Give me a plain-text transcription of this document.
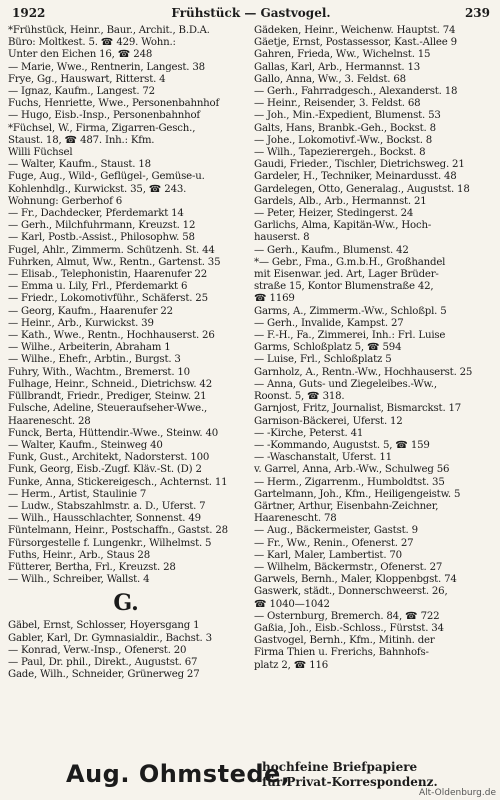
1922	Frühstück — Gastvogel.	239
*Frühstück, Heinr., Baur., Archit., B.D.A.
Büro: Moltkest. 5. ☎ 429. Wohn.:
Unter den Eichen 16, ☎ 248
— Marie, Wwe., Rentnerin, Langest. 38
Frye, Gg., Hauswart, Ritterst. 4
— Ignaz, Kaufm., Langest. 72
Fuchs, Henriette, Wwe., Personenbahnhof
— Hugo, Eisb.-Insp., Personenbahnhof
*Füchsel, W., Firma, Zigarren-Gesch.,
Staust. 18, ☎ 487. Inh.: Kfm.
Willi Füchsel
— Walter, Kaufm., Staust. 18
Fuge, Aug., Wild-, Geflügel-, Gemüse-u.
Kohlenhdlg., Kurwickst. 35, ☎ 243.
Wohnung: Gerberhof 6
— Fr., Dachdecker, Pferdemarkt 14
— Gerh., Milchfuhrmann, Kreuzst. 12
— Karl, Postb.-Assist., Philosophw. 58
Fugel, Ahlr., Zimmerm. Schützenh. St. 44
Fuhrken, Almut, Ww., Rentn., Gartenst. 35
— Elisab., Telephonistin, Haarenufer 22
— Emma u. Lily, Frl., Pferdemarkt 6
— Friedr., Lokomotivführ., Schäferst. 25
— Georg, Kaufm., Haarenufer 22
— Heinr., Arb., Kurwickst. 39
— Kath., Wwe., Rentn., Hochhauserst. 26
— Wilhe., Arbeiterin, Abraham 1
— Wilhe., Ehefr., Arbtin., Burgst. 3
Fuhry, With., Wachtm., Bremerst. 10
Fulhage, Heinr., Schneid., Dietrichsw. 42
Füllbrandt, Friedr., Prediger, Steinw. 21
Fulsche, Adeline, Steueraufseher-Wwe.,
Haarenescht. 28
Funck, Berta, Hüttendir.-Wwe., Steinw. 40
— Walter, Kaufm., Steinweg 40
Funk, Gust., Architekt, Nadorsterst. 100
Funk, Georg, Eisb.-Zugf. Kläv.-St. (D) 2
Funke, Anna, Stickereigesch., Achternst. 11
— Herm., Artist, Staulinie 7
— Ludw., Stabszahlmstr. a. D., Uferst. 7
— Wilh., Hausschlachter, Sonnenst. 49
Füntelmann, Heinr., Postschaffn., Gastst. 28
Fürsorgestelle f. Lungenkr., Wilhelmst. 5
Fuths, Heinr., Arb., Staus 28
Fütterer, Bertha, Frl., Kreuzst. 28
— Wilh., Schreiber, Wallst. 4
G.
Gäbel, Ernst, Schlosser, Hoyersgang 1
Gabler, Karl, Dr. Gymnasialdir., Bachst. 3
— Konrad, Verw.-Insp., Ofenerst. 20
— Paul, Dr. phil., Direkt., Augustst. 67
Gade, Wilh., Schneider, Grünerweg 27
Gädeken, Heinr., Weichenw. Hauptst. 74
Gäetje, Ernst, Postassessor, Kast.-Allee 9
Gahren, Frieda, Ww., Wichelnst. 15
Gallas, Karl, Arb., Hermannst. 13
Gallo, Anna, Ww., 3. Feldst. 68
— Gerh., Fahrradgesch., Alexanderst. 18
— Heinr., Reisender, 3. Feldst. 68
— Joh., Min.-Expedient, Blumenst. 53
Galts, Hans, Branbk.-Geh., Bockst. 8
— Johe., Lokomotivf.-Ww., Bockst. 8
— Wilh., Tapezierergeh., Bockst. 8
Gaudi, Frieder., Tischler, Dietrichsweg. 21
Gardeler, H., Techniker, Meinardusst. 48
Gardelegen, Otto, Generalag., Augustst. 18
Gardels, Alb., Arb., Hermannst. 21
— Peter, Heizer, Stedingerst. 24
Garlichs, Alma, Kapitän-Ww., Hoch-
hauserst. 8
— Gerh., Kaufm., Blumenst. 42
*— Gebr., Fma., G.m.b.H., Großhandel
mit Eisenwar. jed. Art, Lager Brüder-
straße 15, Kontor Blumenstraße 42,
☎ 1169
Garms, A., Zimmerm.-Ww., Schloßpl. 5
— Gerh., Invalide, Kampst. 27
— F.-H., Fa., Zimmerei, Inh.: Frl. Luise
Garms, Schloßplatz 5, ☎ 594
— Luise, Frl., Schloßplatz 5
Garnholz, A., Rentn.-Ww., Hochhauserst. 25
— Anna, Guts- und Ziegeleibes.-Ww.,
Roonst. 5, ☎ 318.
Garnjost, Fritz, Journalist, Bismarckst. 17
Garnison-Bäckerei, Uferst. 12
— -Kirche, Peterst. 41
— -Kommando, Augustst. 5, ☎ 159
— -Waschanstalt, Uferst. 11
v. Garrel, Anna, Arb.-Ww., Schulweg 56
— Herm., Zigarrenm., Humboldtst. 35
Gartelmann, Joh., Kfm., Heiligengeistw. 5
Gärtner, Arthur, Eisenbahn-Zeichner,
Haarenescht. 78
— Aug., Bäckermeister, Gastst. 9
— Fr., Ww., Renin., Ofenerst. 27
— Karl, Maler, Lambertist. 70
— Wilhelm, Bäckermstr., Ofenerst. 27
Garwels, Bernh., Maler, Kloppenbgst. 74
Gaswerk, städt., Donnerschweerst. 26,
☎ 1040—1042
— Osternburg, Bremerch. 84, ☎ 722
Gaßia, Joh., Eisb.-Schloss., Fürstst. 34
Gastvogel, Bernh., Kfm., Mitinh. der
Firma Thien u. Frerichs, Bahnhofs-
platz 2, ☎ 116
Aug. Ohmstede,
hochfeine Briefpapiere
für Privat-Korrespondenz.
Alt-Oldenburg.de
